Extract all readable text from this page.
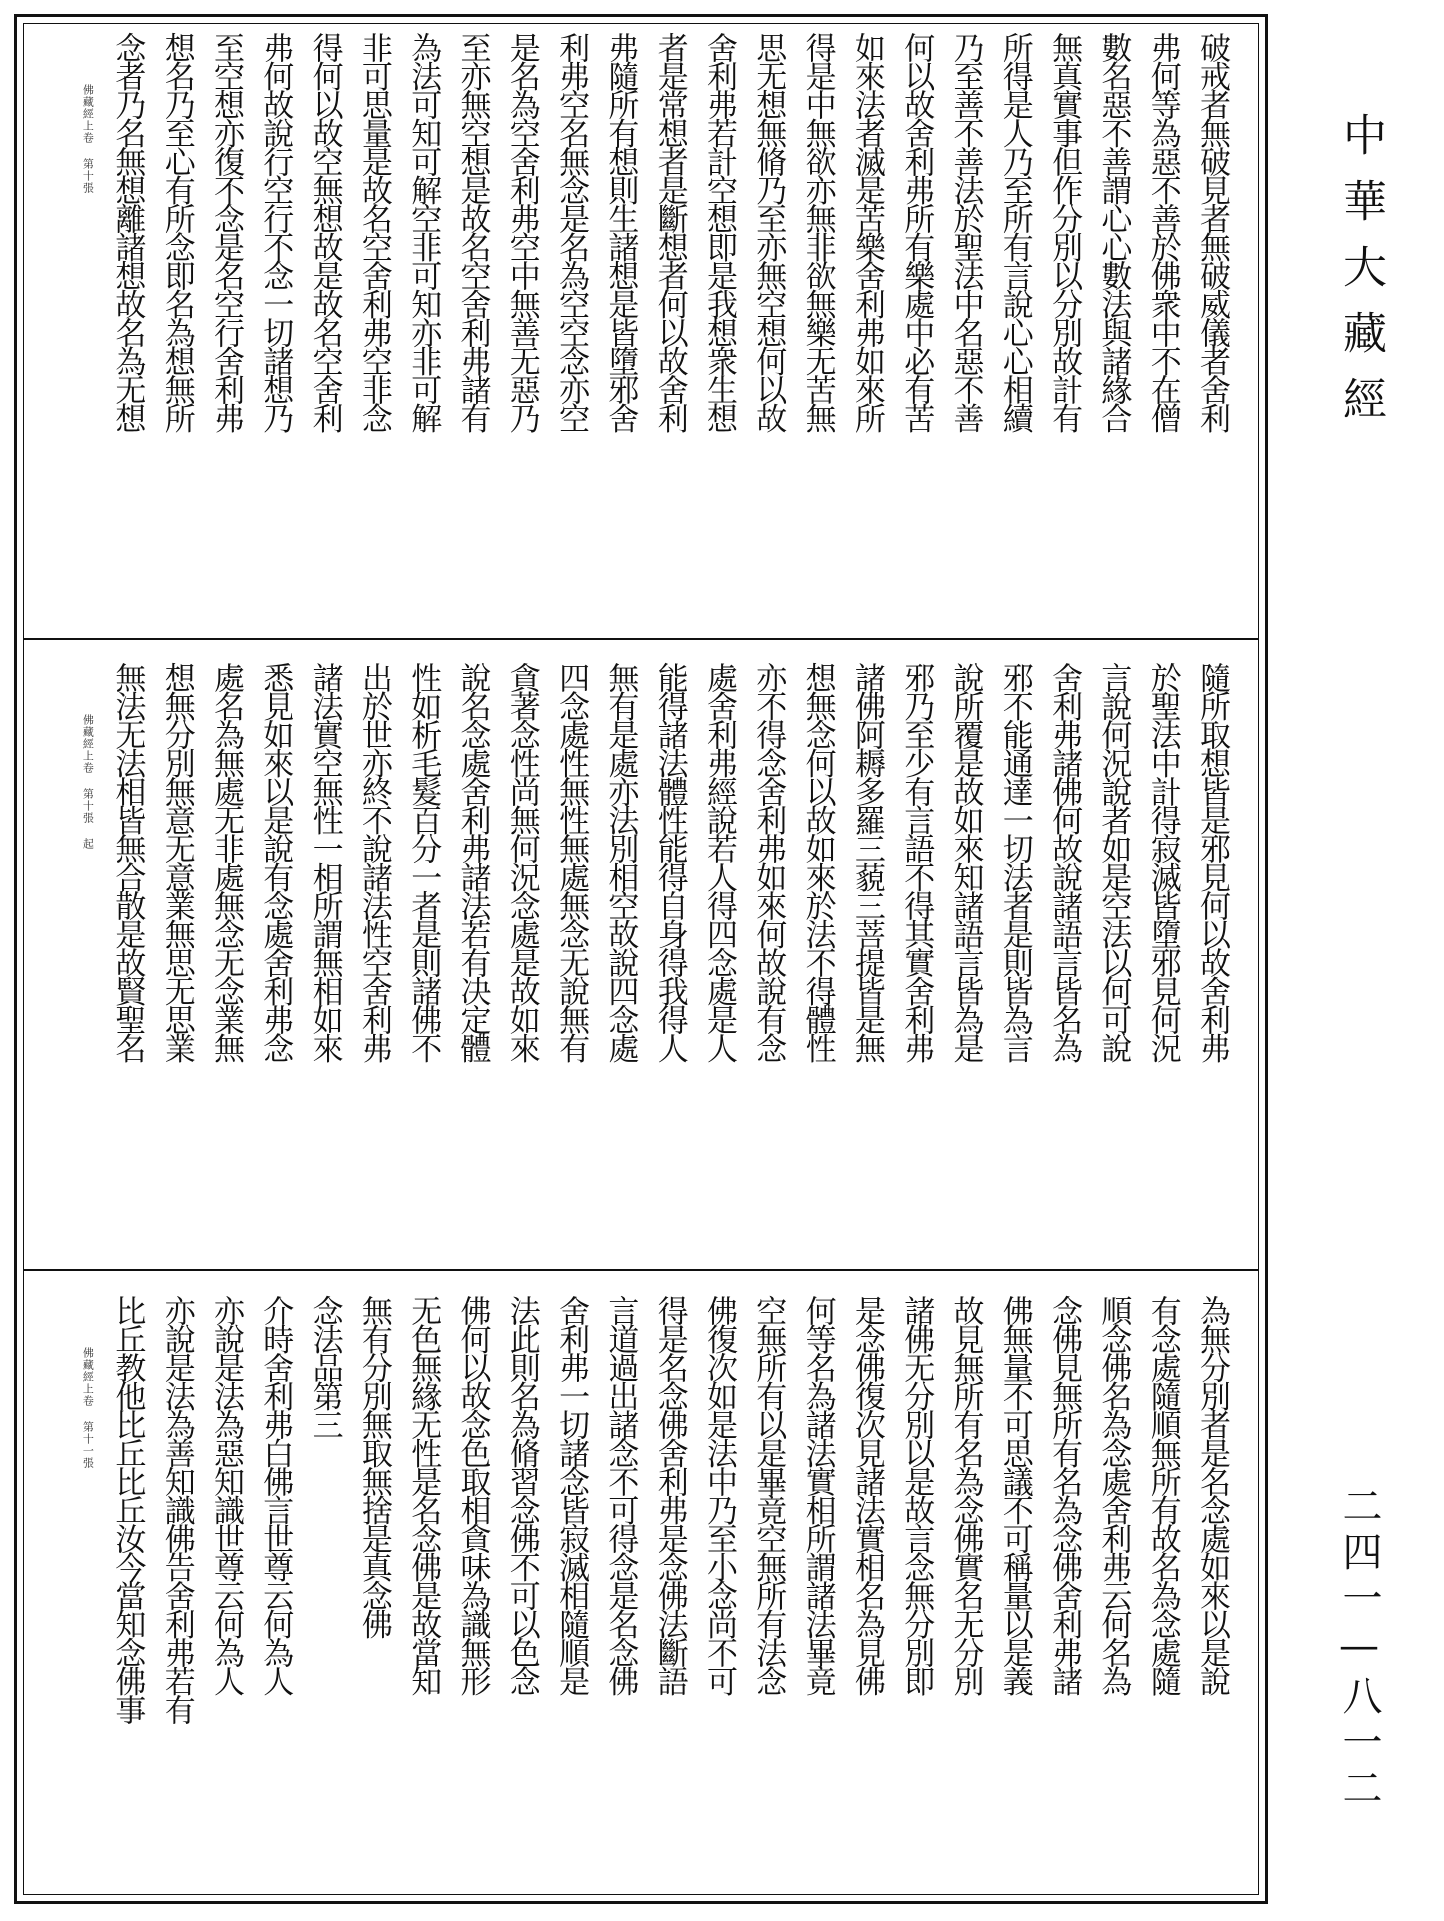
中華大藏經
二四一—八一二
破戒者無破見者無破威儀者舍利
弗何等為惡不善於佛衆中不在僧
數名惡不善謂心心數法與諸緣合
無真實事但作分別以分別故計有
所得是人乃至所有言說心心相續
乃至善不善法於聖法中名惡不善
何以故舍利弗所有樂處中必有苦
如來法者滅是苦樂舍利弗如來所
得是中無欲亦無非欲無樂无苦無
思无想無脩乃至亦無空想何以故
舍利弗若計空想即是我想衆生想
者是常想者是斷想者何以故舍利
弗隨所有想則生諸想是皆墮邪舍
利弗空名無念是名為空空念亦空
是名為空舍利弗空中無善无惡乃
至亦無空想是故名空舍利弗諸有
為法可知可解空非可知亦非可解
非可思量是故名空舍利弗空非念
得何以故空無想故是故名空舍利
弗何故說行空行不念一切諸想乃
至空想亦復不念是名空行舍利弗
想名乃至心有所念即名為想無所
念者乃名無想離諸想故名為无想
佛藏經上卷 第十張
隨所取想皆是邪見何以故舍利弗
於聖法中計得寂滅皆墮邪見何況
言說何況說者如是空法以何可說
舍利弗諸佛何故說諸語言皆名為
邪不能通達一切法者是則皆為言
說所覆是故如來知諸語言皆為是
邪乃至少有言語不得其實舍利弗
諸佛阿耨多羅三藐三菩提皆是無
想無念何以故如來於法不得體性
亦不得念舍利弗如來何故說有念
處舍利弗經說若人得四念處是人
能得諸法體性能得自身得我得人
無有是處亦法別相空故說四念處
四念處性無性無處無念无說無有
貪著念性尚無何況念處是故如來
說名念處舍利弗諸法若有决定體
性如析毛髮百分一者是則諸佛不
出於世亦終不說諸法性空舍利弗
諸法實空無性一相所謂無相如來
悉見如來以是說有念處舍利弗念
處名為無處无非處無念无念業無
想無分別無意无意業無思无思業
無法无法相皆無合散是故賢聖名
佛藏經上卷 第十張 起
為無分別者是名念處如來以是說
有念處隨順無所有故名為念處隨
順念佛名為念處舍利弗云何名為
念佛見無所有名為念佛舍利弗諸
佛無量不可思議不可稱量以是義
故見無所有名為念佛實名无分別
諸佛无分別以是故言念無分別即
是念佛復次見諸法實相名為見佛
何等名為諸法實相所謂諸法畢竟
空無所有以是畢竟空無所有法念
佛復次如是法中乃至小念尚不可
得是名念佛舍利弗是念佛法斷語
言道過出諸念不可得念是名念佛
舍利弗一切諸念皆寂滅相隨順是
法此則名為脩習念佛不可以色念
佛何以故念色取相貪味為識無形
无色無緣无性是名念佛是故當知
無有分別無取無捨是真念佛
念法品第三
介時舍利弗白佛言世尊云何為人
亦說是法為惡知識世尊云何為人
亦說是法為善知識佛告舍利弗若有
比丘教他比丘比丘汝今當知念佛事
佛藏經上卷 第十一張
